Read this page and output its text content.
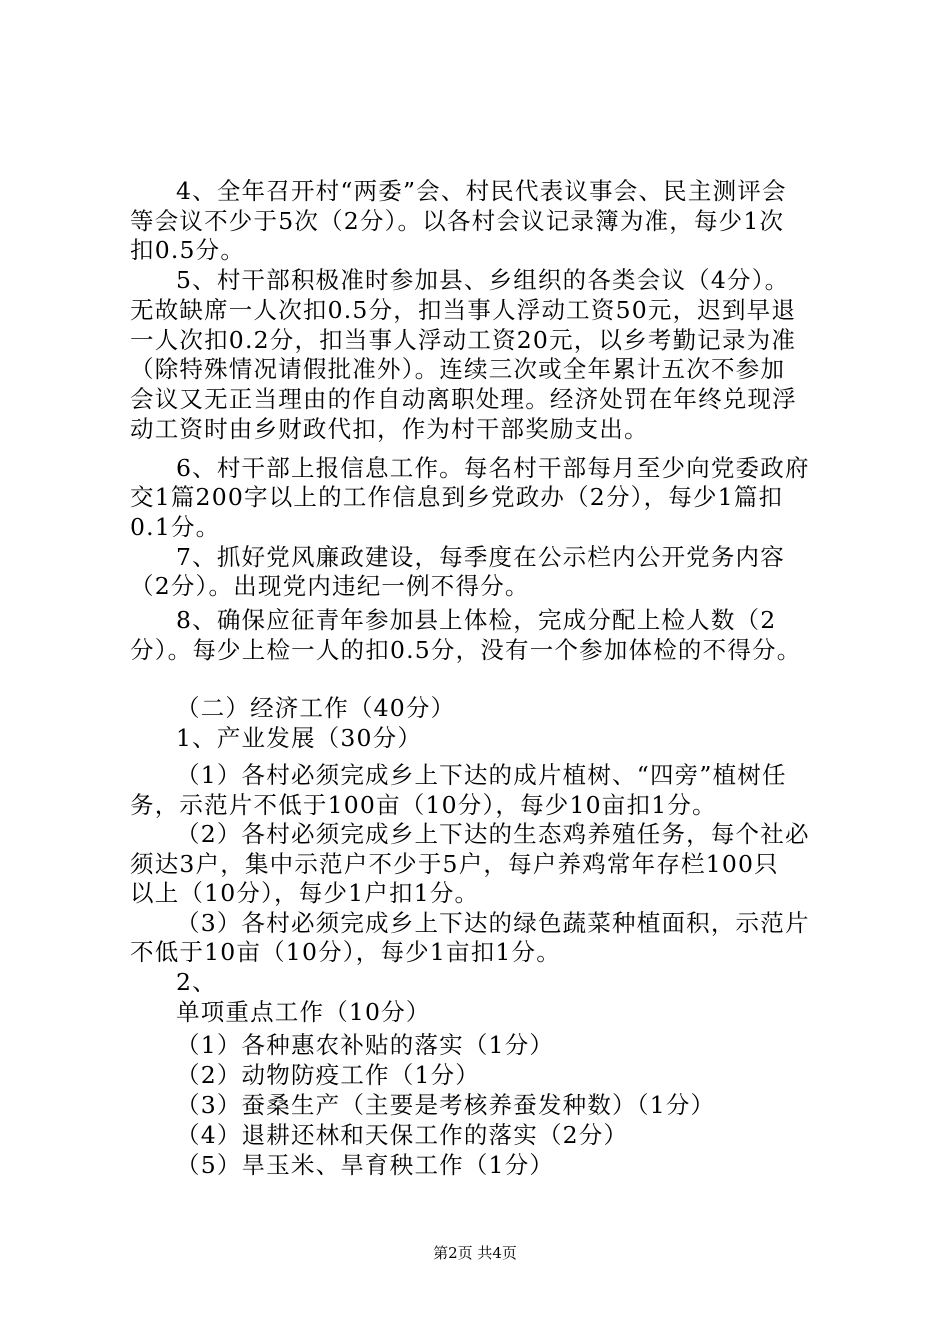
4、全年召开村“两委”会、村民代表议事会、民主测评会
等会议不少于5次（2分）。以各村会议记录簿为准，每少1次
扣0.5分。
5、村干部积极准时参加县、乡组织的各类会议（4分）。
无故缺席一人次扣0.5分，扣当事人浮动工资50元，迟到早退
一人次扣0.2分，扣当事人浮动工资20元，以乡考勤记录为准
（除特殊情况请假批准外）。连续三次或全年累计五次不参加
会议又无正当理由的作自动离职处理。经济处罚在年终兑现浮
动工资时由乡财政代扣，作为村干部奖励支出。
6、村干部上报信息工作。每名村干部每月至少向党委政府
交1篇200字以上的工作信息到乡党政办（2分），每少1篇扣
0.1分。
7、抓好党风廉政建设，每季度在公示栏内公开党务内容
（2分）。出现党内违纪一例不得分。
8、确保应征青年参加县上体检，完成分配上检人数（2
分）。每少上检一人的扣0.5分，没有一个参加体检的不得分。
（二）经济工作（40分）
1、产业发展（30分）
（1）各村必须完成乡上下达的成片植树、“四旁”植树任
务，示范片不低于100亩（10分），每少10亩扣1分。
（2）各村必须完成乡上下达的生态鸡养殖任务，每个社必
须达3户，集中示范户不少于5户，每户养鸡常年存栏100只
以上（10分），每少1户扣1分。
（3）各村必须完成乡上下达的绿色蔬菜种植面积，示范片
不低于10亩（10分），每少1亩扣1分。
2、
单项重点工作（10分）
（1）各种惠农补贴的落实（1分）
（2）动物防疫工作（1分）
（3）蚕桑生产（主要是考核养蚕发种数）（1分）
（4）退耕还林和天保工作的落实（2分）
（5）旱玉米、旱育秧工作（1分）
第2页 共4页
